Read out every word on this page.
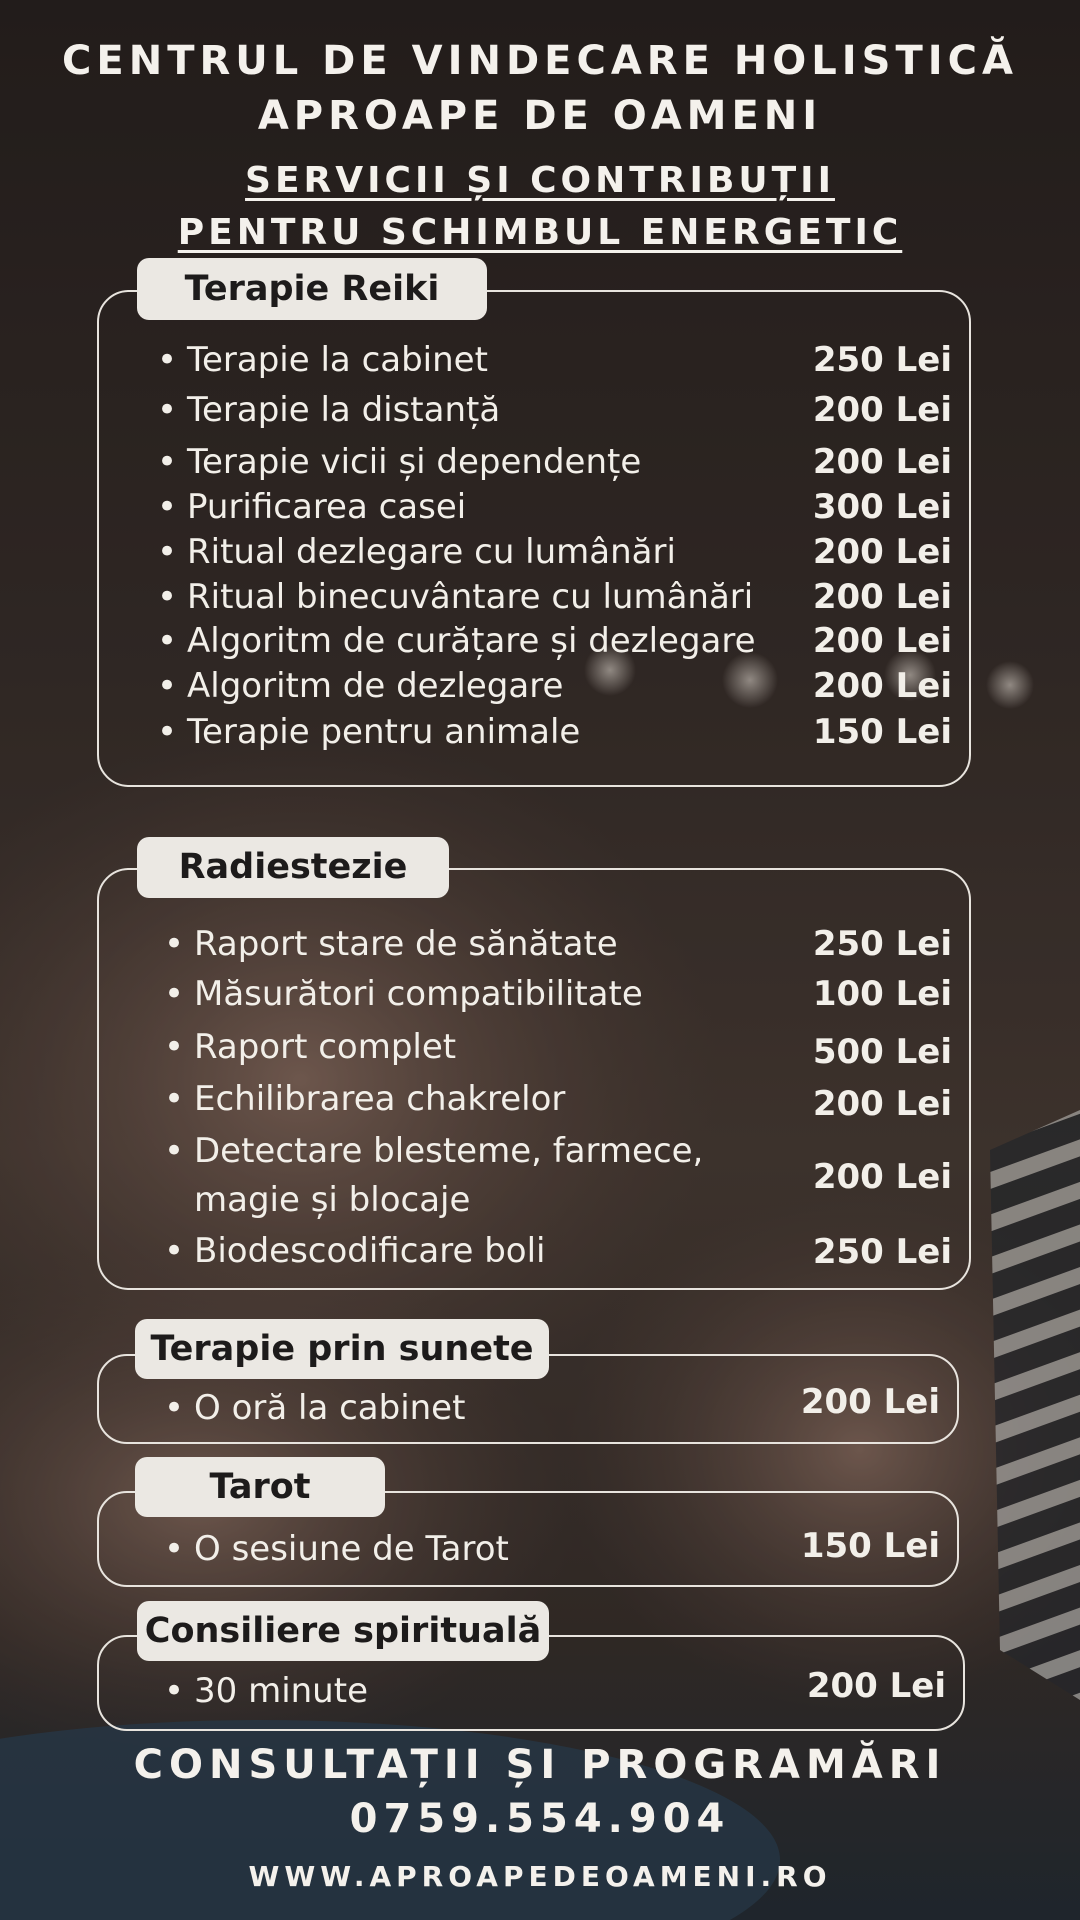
CENTRUL DE VINDECARE HOLISTICĂ
APROAPE DE OAMENI
SERVICII ȘI CONTRIBUȚII
PENTRU SCHIMBUL ENERGETIC
Terapie Reiki
• Terapie la cabinet	250 Lei
• Terapie la distanță	200 Lei
• Terapie vicii și dependențe	200 Lei
• Purificarea casei	300 Lei
• Ritual dezlegare cu lumânări	200 Lei
• Ritual binecuvântare cu lumânări 200 Lei
• Algoritm de curățare și dezlegare 200 Lei
• Algoritm de dezlegare	200 Lei
• Terapie pentru animale	150 Lei
Radiestezie
• Raport stare de sănătate	250 Lei
• Măsurători compatibilitate	100 Lei
• Raport complet	500 Lei
• Echilibrarea chakrelor	200 Lei
• Detectare blesteme, farmece,
magie și blocaje
200 Lei
• Biodescodificare boli	250 Lei
Terapie prin sunete
• O oră la cabinet	200 Lei
Tarot
• O sesiune de Tarot	150 Lei
Consiliere spirituală
• 30 minute	200 Lei
CONSULTAȚII ȘI PROGRAMĂRI
0759.554.904
WWW.APROAPEDEOAMENI.RO
